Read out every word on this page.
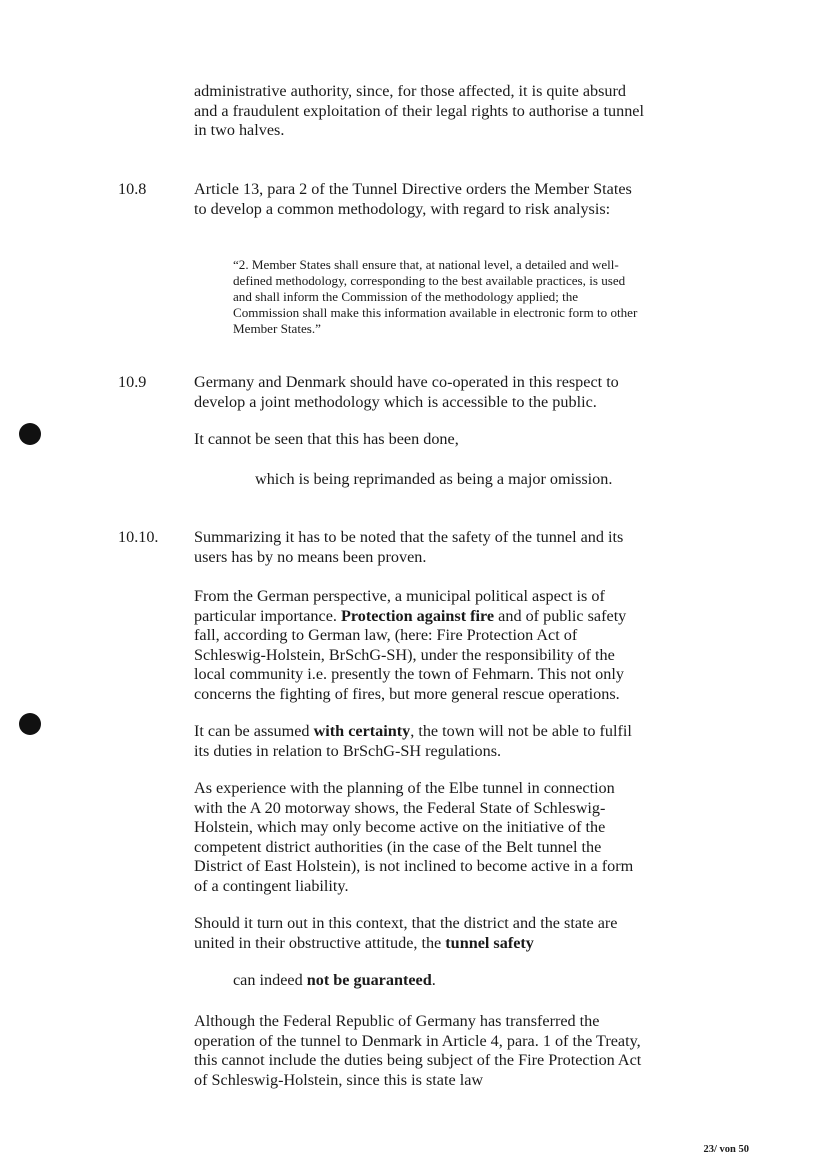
administrative authority, since, for those affected, it is quite absurd and a fraudulent exploitation of their legal rights to authorise a tunnel in two halves.

10.8	Article 13, para 2 of the Tunnel Directive orders the Member States to develop a common methodology, with regard to risk analysis:

“2. Member States shall ensure that, at national level, a detailed and well-defined methodology, corresponding to the best available practices, is used and shall inform the Commission of the methodology applied; the Commission shall make this information available in electronic form to other Member States.”

10.9	Germany and Denmark should have co-operated in this respect to develop a joint methodology which is accessible to the public.

It cannot be seen that this has been done,

which is being reprimanded as being a major omission.

10.10. Summarizing it has to be noted that the safety of the tunnel and its users has by no means been proven.

From the German perspective, a municipal political aspect is of particular importance. Protection against fire and of public safety fall, according to German law, (here: Fire Protection Act of Schleswig-Holstein, BrSchG-SH), under the responsibility of the local community i.e. presently the town of Fehmarn. This not only concerns the fighting of fires, but more general rescue operations.

It can be assumed with certainty, the town will not be able to fulfil its duties in relation to BrSchG-SH regulations.

As experience with the planning of the Elbe tunnel in connection with the A 20 motorway shows, the Federal State of Schleswig-Holstein, which may only become active on the initiative of the competent district authorities (in the case of the Belt tunnel the District of East Holstein), is not inclined to become active in a form of a contingent liability.

Should it turn out in this context, that the district and the state are united in their obstructive attitude, the tunnel safety

can indeed not be guaranteed.

Although the Federal Republic of Germany has transferred the operation of the tunnel to Denmark in Article 4, para. 1 of the Treaty, this cannot include the duties being subject of the Fire Protection Act of Schleswig-Holstein, since this is state law

23/ von 50
